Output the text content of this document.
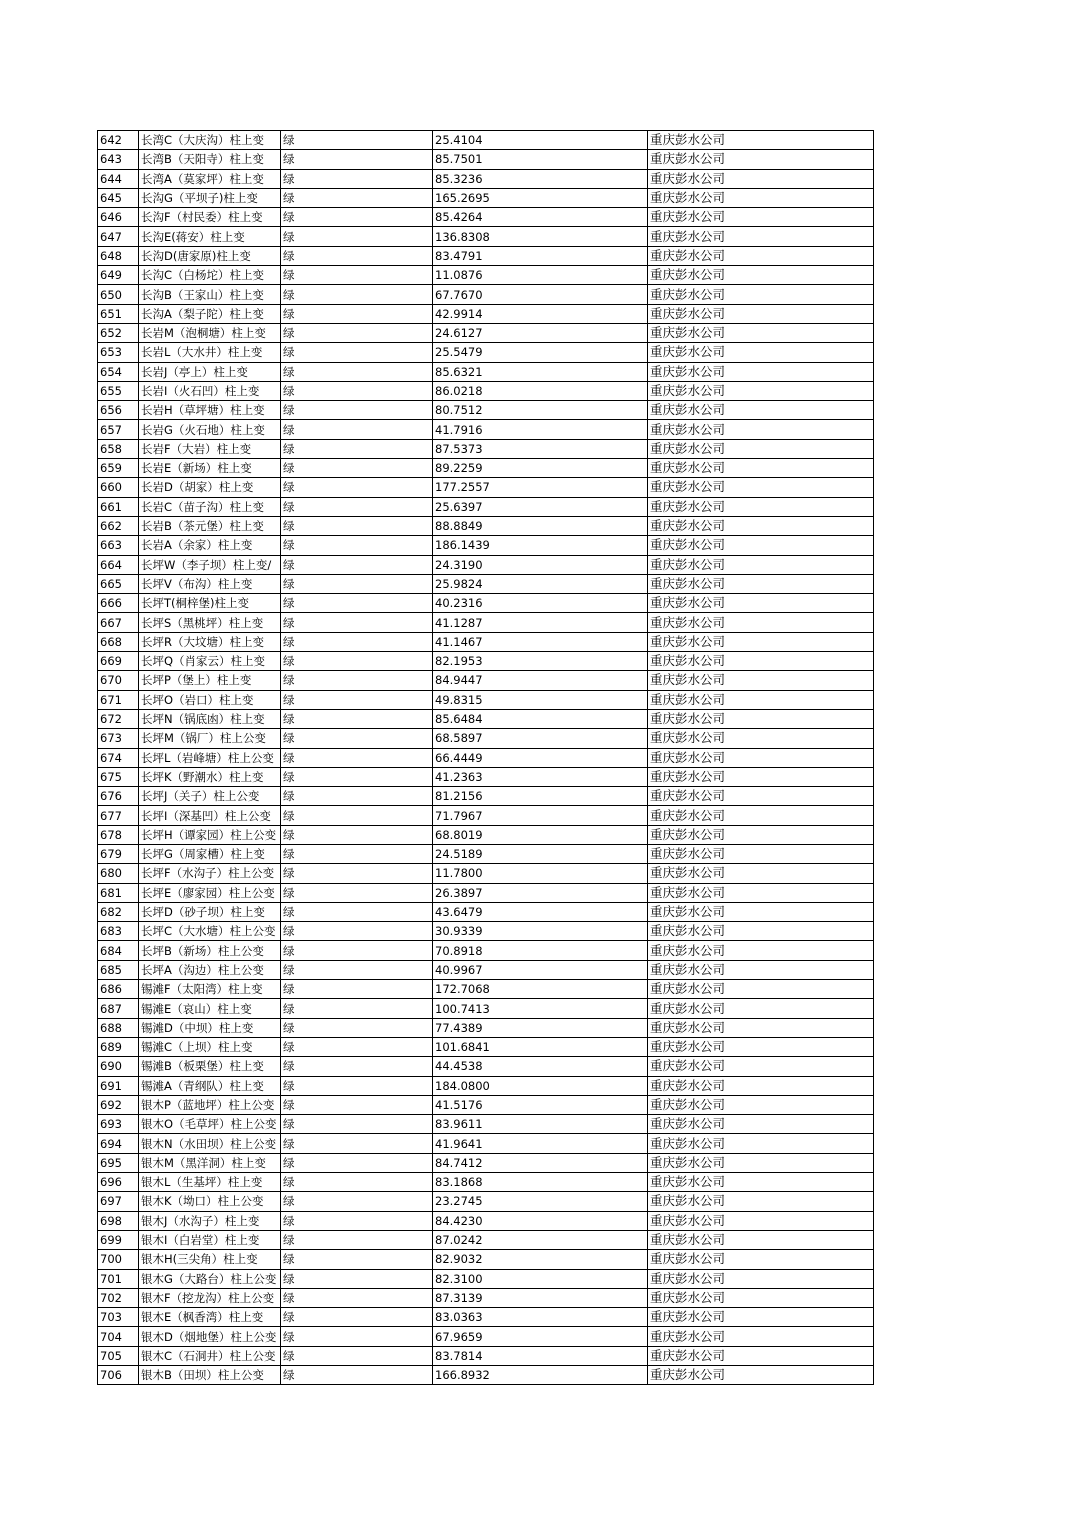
642	长湾C（大庆沟）柱上变	绿	25.4104	重庆彭水公司
643	长湾B（天阳寺）柱上变	绿	85.7501	重庆彭水公司
644	长湾A（莫家坪）柱上变	绿	85.3236	重庆彭水公司
645	长沟G（平坝子)柱上变	绿	165.2695	重庆彭水公司
646	长沟F（村民委）柱上变	绿	85.4264	重庆彭水公司
647	长沟E(蒋安）柱上变	绿	136.8308	重庆彭水公司
648	长沟D(唐家原)柱上变	绿	83.4791	重庆彭水公司
649	长沟C（白杨坨）柱上变	绿	11.0876	重庆彭水公司
650	长沟B（王家山）柱上变	绿	67.7670	重庆彭水公司
651	长沟A（梨子陀）柱上变	绿	42.9914	重庆彭水公司
652	长岩M（泡桐塘）柱上变	绿	24.6127	重庆彭水公司
653	长岩L（大水井）柱上变	绿	25.5479	重庆彭水公司
654	长岩J（亭上）柱上变	绿	85.6321	重庆彭水公司
655	长岩I（火石凹）柱上变	绿	86.0218	重庆彭水公司
656	长岩H（草坪塘）柱上变	绿	80.7512	重庆彭水公司
657	长岩G（火石地）柱上变	绿	41.7916	重庆彭水公司
658	长岩F（大岩）柱上变	绿	87.5373	重庆彭水公司
659	长岩E（新场）柱上变	绿	89.2259	重庆彭水公司
660	长岩D（胡家）柱上变	绿	177.2557	重庆彭水公司
661	长岩C（苗子沟）柱上变	绿	25.6397	重庆彭水公司
662	长岩B（茶元堡）柱上变	绿	88.8849	重庆彭水公司
663	长岩A（余家）柱上变	绿	186.1439	重庆彭水公司
664	长坪W（李子坝）柱上变/	绿	24.3190	重庆彭水公司
665	长坪V（布沟）柱上变	绿	25.9824	重庆彭水公司
666	长坪T(桐梓堡)柱上变	绿	40.2316	重庆彭水公司
667	长坪S（黑桃坪）柱上变	绿	41.1287	重庆彭水公司
668	长坪R（大坟塘）柱上变	绿	41.1467	重庆彭水公司
669	长坪Q（肖家云）柱上变	绿	82.1953	重庆彭水公司
670	长坪P（堡上）柱上变	绿	84.9447	重庆彭水公司
671	长坪O（岩口）柱上变	绿	49.8315	重庆彭水公司
672	长坪N（锅底凼）柱上变	绿	85.6484	重庆彭水公司
673	长坪M（锅厂）柱上公变	绿	68.5897	重庆彭水公司
674	长坪L（岩峰塘）柱上公变	绿	66.4449	重庆彭水公司
675	长坪K（野潮水）柱上变	绿	41.2363	重庆彭水公司
676	长坪J（关子）柱上公变	绿	81.2156	重庆彭水公司
677	长坪I（深基凹）柱上公变	绿	71.7967	重庆彭水公司
678	长坪H（谭家园）柱上公变	绿	68.8019	重庆彭水公司
679	长坪G（周家槽）柱上变	绿	24.5189	重庆彭水公司
680	长坪F（水沟子）柱上公变	绿	11.7800	重庆彭水公司
681	长坪E（廖家园）柱上公变	绿	26.3897	重庆彭水公司
682	长坪D（砂子坝）柱上变	绿	43.6479	重庆彭水公司
683	长坪C（大水塘）柱上公变	绿	30.9339	重庆彭水公司
684	长坪B（新场）柱上公变	绿	70.8918	重庆彭水公司
685	长坪A（沟边）柱上公变	绿	40.9967	重庆彭水公司
686	锡滩F（太阳湾）柱上变	绿	172.7068	重庆彭水公司
687	锡滩E（哀山）柱上变	绿	100.7413	重庆彭水公司
688	锡滩D（中坝）柱上变	绿	77.4389	重庆彭水公司
689	锡滩C（上坝）柱上变	绿	101.6841	重庆彭水公司
690	锡滩B（板栗堡）柱上变	绿	44.4538	重庆彭水公司
691	锡滩A（青纲队）柱上变	绿	184.0800	重庆彭水公司
692	银木P（蓝地坪）柱上公变	绿	41.5176	重庆彭水公司
693	银木O（毛草坪）柱上公变	绿	83.9611	重庆彭水公司
694	银木N（水田坝）柱上公变	绿	41.9641	重庆彭水公司
695	银木M（黑洋洞）柱上变	绿	84.7412	重庆彭水公司
696	银木L（生基坪）柱上变	绿	83.1868	重庆彭水公司
697	银木K（坳口）柱上公变	绿	23.2745	重庆彭水公司
698	银木J（水沟子）柱上变	绿	84.4230	重庆彭水公司
699	银木I（白岩堂）柱上变	绿	87.0242	重庆彭水公司
700	银木H(三尖角）柱上变	绿	82.9032	重庆彭水公司
701	银木G（大路台）柱上公变	绿	82.3100	重庆彭水公司
702	银木F（挖龙沟）柱上公变	绿	87.3139	重庆彭水公司
703	银木E（枫香湾）柱上变	绿	83.0363	重庆彭水公司
704	银木D（烟地堡）柱上公变	绿	67.9659	重庆彭水公司
705	银木C（石洞井）柱上公变	绿	83.7814	重庆彭水公司
706	银木B（田坝）柱上公变	绿	166.8932	重庆彭水公司
